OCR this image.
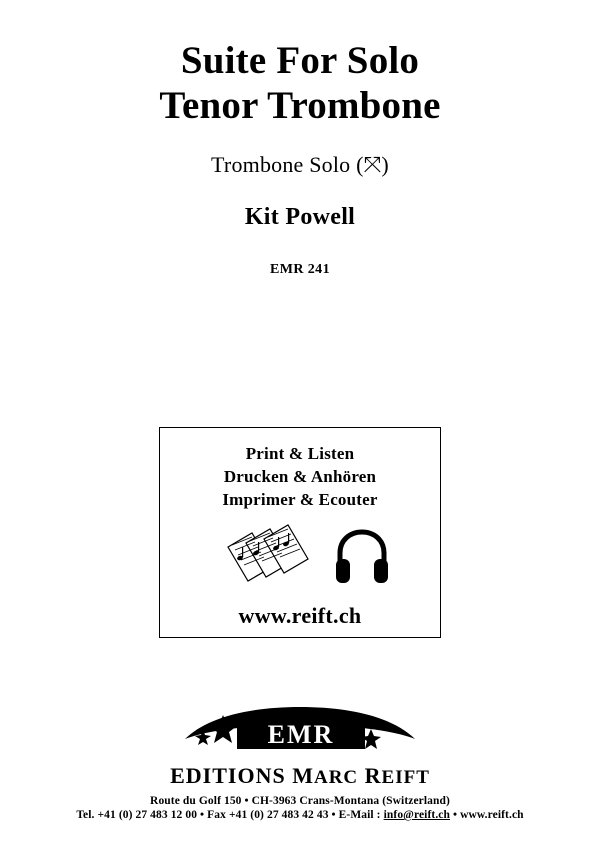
Suite For Solo
Tenor Trombone
Trombone Solo (⤧)
Kit Powell
EMR 241
Print & Listen
Drucken & Anhören
Imprimer & Ecouter
www.reift.ch
EMR
EDITIONS MARC REIFT
Route du Golf 150 • CH-3963 Crans-Montana (Switzerland)
Tel. +41 (0) 27 483 12 00 • Fax +41 (0) 27 483 42 43 • E-Mail : info@reift.ch • www.reift.ch
